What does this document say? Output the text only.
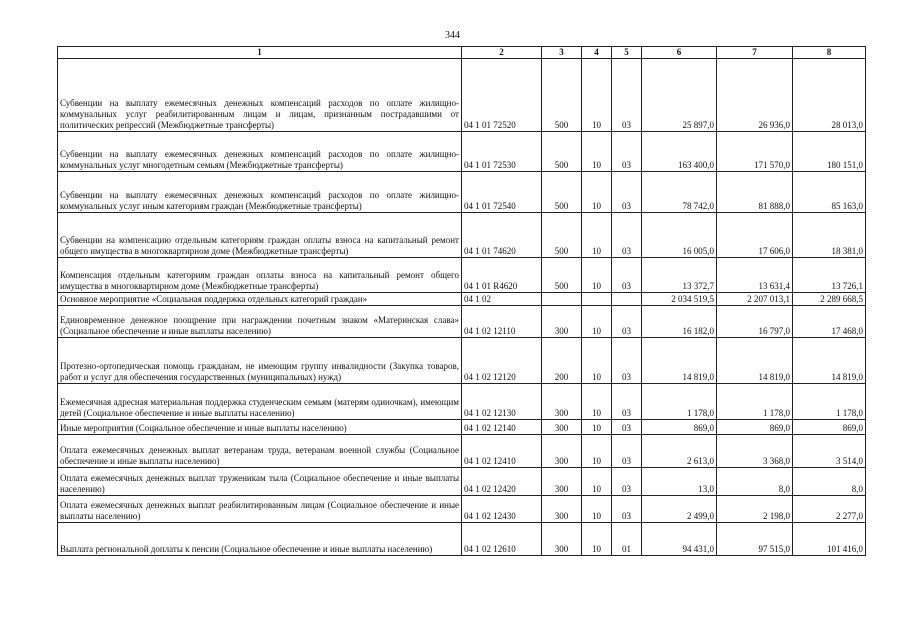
344
1	2	3	4	5	6	7	8
Субвенции на выплату ежемесячных денежных компенсаций расходов по оплате жилищно-коммунальных услуг реабилитированным лицам и лицам, признанным пострадавшими от политических репрессий (Межбюджетные трансферты)	04 1 01 72520	500	10	03	25 897,0	26 936,0	28 013,0
Субвенции на выплату ежемесячных денежных компенсаций расходов по оплате жилищно-коммунальных услуг многодетным семьям (Межбюджетные трансферты)	04 1 01 72530	500	10	03	163 400,0	171 570,0	180 151,0
Субвенции на выплату ежемесячных денежных компенсаций расходов по оплате жилищно-коммунальных услуг иным категориям граждан (Межбюджетные трансферты)	04 1 01 72540	500	10	03	78 742,0	81 888,0	85 163,0
Субвенции на компенсацию отдельным категориям граждан оплаты взноса на капитальный ремонт общего имущества в многоквартирном доме (Межбюджетные трансферты)	04 1 01 74620	500	10	03	16 005,0	17 606,0	18 381,0
Компенсация отдельным категориям граждан оплаты взноса на капитальный ремонт общего имущества в многоквартирном доме (Межбюджетные трансферты)	04 1 01 R4620	500	10	03	13 372,7	13 631,4	13 726,1
Основное мероприятие «Социальная поддержка отдельных категорий граждан»	04 1 02				2 034 519,5	2 207 013,1	2 289 668,5
Единовременное денежное поощрение при награждении почетным знаком «Материнская слава» (Социальное обеспечение и иные выплаты населению)	04 1 02 12110	300	10	03	16 182,0	16 797,0	17 468,0
Протезно-ортопедическая помощь гражданам, не имеющим группу инвалидности (Закупка товаров, работ и услуг для обеспечения государственных (муниципальных) нужд)	04 1 02 12120	200	10	03	14 819,0	14 819,0	14 819,0
Ежемесячная адресная материальная поддержка студенческим семьям (матерям одиночкам), имеющим детей (Социальное обеспечение и иные выплаты населению)	04 1 02 12130	300	10	03	1 178,0	1 178,0	1 178,0
Иные мероприятия (Социальное обеспечение и иные выплаты населению)	04 1 02 12140	300	10	03	869,0	869,0	869,0
Оплата ежемесячных денежных выплат ветеранам труда, ветеранам военной службы (Социальное обеспечение и иные выплаты населению)	04 1 02 12410	300	10	03	2 613,0	3 368,0	3 514,0
Оплата ежемесячных денежных выплат труженикам тыла (Социальное обеспечение и иные выплаты населению)	04 1 02 12420	300	10	03	13,0	8,0	8,0
Оплата ежемесячных денежных выплат реабилитированным лицам (Социальное обеспечение и иные выплаты населению)	04 1 02 12430	300	10	03	2 499,0	2 198,0	2 277,0
Выплата региональной доплаты к пенсии (Социальное обеспечение и иные выплаты населению)	04 1 02 12610	300	10	01	94 431,0	97 515,0	101 416,0
